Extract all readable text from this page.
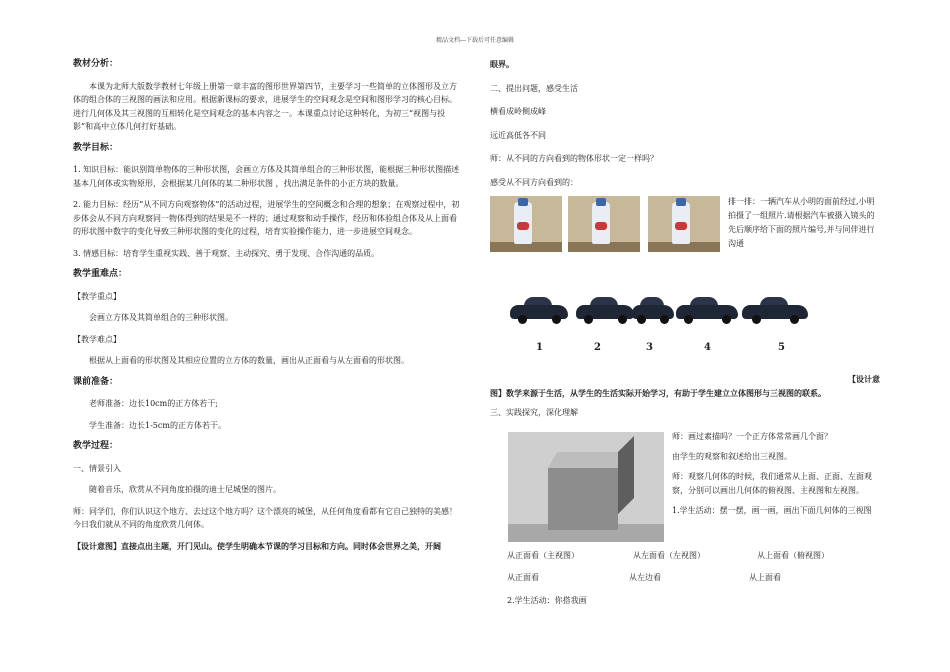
精品文档---下载后可任意编辑
教材分析：
本课为北师大版数学教材七年级上册第一章丰富的图形世界第四节，主要学习一些简单的立体图形及立方体的组合体的三视图的画法和应用。根据新课标的要求，进展学生的空间观念是空间和图形学习的核心目标。进行几何体及其三视图的互相转化是空间观念的基本内容之一。本课重点讨论这种转化，为初三“视图与投影”和高中立体几何打好基础。
教学目标：
1. 知识目标：能识别简单物体的三种形状图，会画立方体及其简单组合的三种形状图，能根据三种形状图描述基本几何体或实物原形，会根据某几何体的某二种形状图 ，找出满足条件的小正方块的数量。
2. 能力目标：经历“从不同方向观察物体”的活动过程，进展学生的空间概念和合理的想象；在观察过程中，初步体会从不同方向观察同一物体得到的结果是不一样的；通过观察和动手操作，经历和体验组合体及从上面看的形状图中数字的变化导致三种形状图的变化的过程，培育实验操作能力，进一步进展空间观念。
3. 情感目标：培育学生重视实践、善于观察、主动探究、勇于发现、合作沟通的品质。
教学重难点：
【教学重点】
会画立方体及其简单组合的三种形状图。
【教学难点】
根据从上面看的形状图及其相应位置的立方体的数量，画出从正面看与从左面看的形状图。
课前准备：
老师准备：边长10cm的正方体若干;
学生准备：边长1-5cm的正方体若干。
教学过程：
一、情景引入
随着音乐，欣赏从不同角度拍摄的迪士尼城堡的图片。
师：同学们，你们认识这个地方、去过这个地方吗？这个漂亮的城堡，从任何角度看都有它自己独特的美感！今日我们就从不同的角度欣赏几何体。
【设计意图】直接点出主题，开门见山。使学生明确本节课的学习目标和方向。同时体会世界之美，开阔
眼界。
二、提出问题，感受生活
横看成岭侧成峰
远近高低各不同
师：从不同的方向看到的物体形状一定一样吗？
感受从不同方向看到的：
排一排：一辆汽车从小明的面前经过,小明拍摄了一组照片.请根据汽车被摄入镜头的先后顺序给下面的照片编号,并与同伴进行沟通
1	2	3	4	5
【设计意
图】数学来源于生活，从学生的生活实际开始学习，有助于学生建立立体图形与三视图的联系。
三、实践探究，深化理解
师：画过素描吗？一个正方体常常画几个面？
由学生的观察和叙述给出三视图。
师：观察几何体的时候，我们通常从上面、正面、左面观察，分别可以画出几何体的俯视图、主视图和左视图。
1.学生活动：摆一摆，画一画，画出下面几何体的三视图
从正面看（主视图）	从左面看（左视图）	从上面看（俯视图）
从正面看	从左边看	从上面看
2.学生活动：你搭我画
